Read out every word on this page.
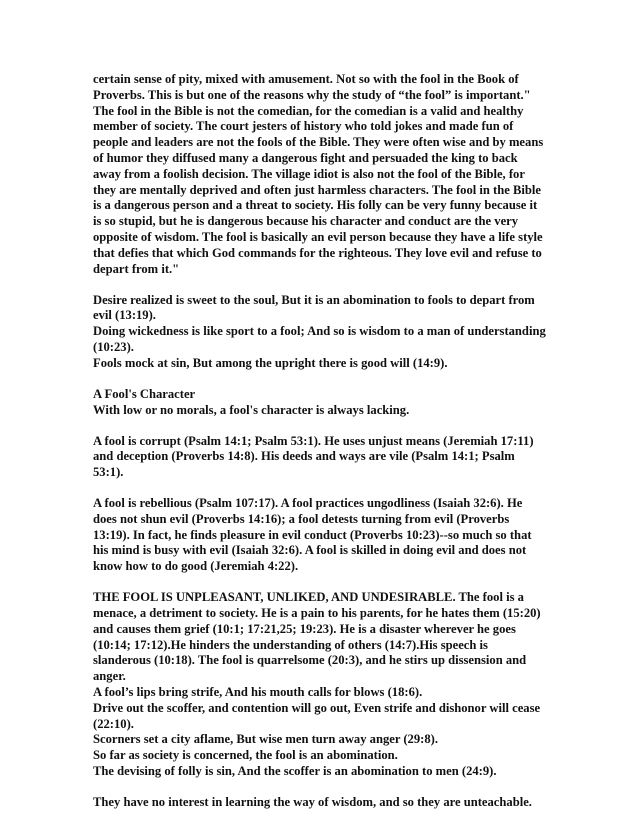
certain sense of pity, mixed with amusement. Not so with the fool in the Book of Proverbs. This is but one of the reasons why the study of “the fool” is important." The fool in the Bible is not the comedian, for the comedian is a valid and healthy member of society. The court jesters of history who told jokes and made fun of people and leaders are not the fools of the Bible. They were often wise and by means of humor they diffused many a dangerous fight and persuaded the king to back away from a foolish decision. The village idiot is also not the fool of the Bible, for they are mentally deprived and often just harmless characters. The fool in the Bible is a dangerous person and a threat to society. His folly can be very funny because it is so stupid, but he is dangerous because his character and conduct are the very opposite of wisdom. The fool is basically an evil person because they have a life style that defies that which God commands for the righteous. They love evil and refuse to depart from it."

Desire realized is sweet to the soul, But it is an abomination to fools to depart from evil (13:19).
Doing wickedness is like sport to a fool; And so is wisdom to a man of understanding (10:23).
Fools mock at sin, But among the upright there is good will (14:9).

A Fool's Character
With low or no morals, a fool's character is always lacking.

A fool is corrupt (Psalm 14:1; Psalm 53:1). He uses unjust means (Jeremiah 17:11) and deception (Proverbs 14:8). His deeds and ways are vile (Psalm 14:1; Psalm 53:1).

A fool is rebellious (Psalm 107:17). A fool practices ungodliness (Isaiah 32:6). He does not shun evil (Proverbs 14:16); a fool detests turning from evil (Proverbs 13:19). In fact, he finds pleasure in evil conduct (Proverbs 10:23)--so much so that his mind is busy with evil (Isaiah 32:6). A fool is skilled in doing evil and does not know how to do good (Jeremiah 4:22).

THE FOOL IS UNPLEASANT, UNLIKED, AND UNDESIRABLE. The fool is a menace, a detriment to society. He is a pain to his parents, for he hates them (15:20) and causes them grief (10:1; 17:21,25; 19:23). He is a disaster wherever he goes (10:14; 17:12).He hinders the understanding of others (14:7).His speech is slanderous (10:18). The fool is quarrelsome (20:3), and he stirs up dissension and anger.
A fool’s lips bring strife, And his mouth calls for blows (18:6).
Drive out the scoffer, and contention will go out, Even strife and dishonor will cease (22:10).
Scorners set a city aflame, But wise men turn away anger (29:8).
So far as society is concerned, the fool is an abomination.
The devising of folly is sin, And the scoffer is an abomination to men (24:9).

They have no interest in learning the way of wisdom, and so they are unteachable.
